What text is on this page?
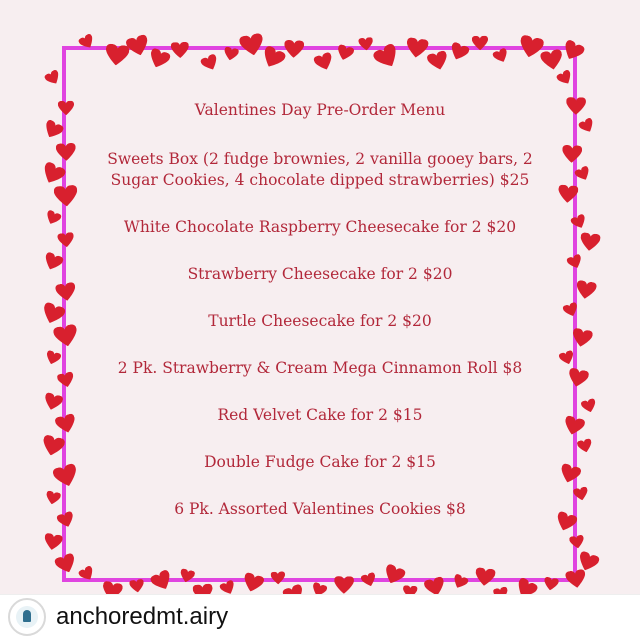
Valentines Day Pre-Order Menu
Sweets Box (2 fudge brownies, 2 vanilla gooey bars, 2 Sugar Cookies, 4 chocolate dipped strawberries) $25
White Chocolate Raspberry Cheesecake for 2 $20
Strawberry Cheesecake for 2 $20
Turtle Cheesecake for 2 $20
2 Pk. Strawberry & Cream Mega Cinnamon Roll $8
Red Velvet Cake for 2 $15
Double Fudge Cake for 2 $15
6 Pk. Assorted Valentines Cookies $8
anchoredmt.airy
